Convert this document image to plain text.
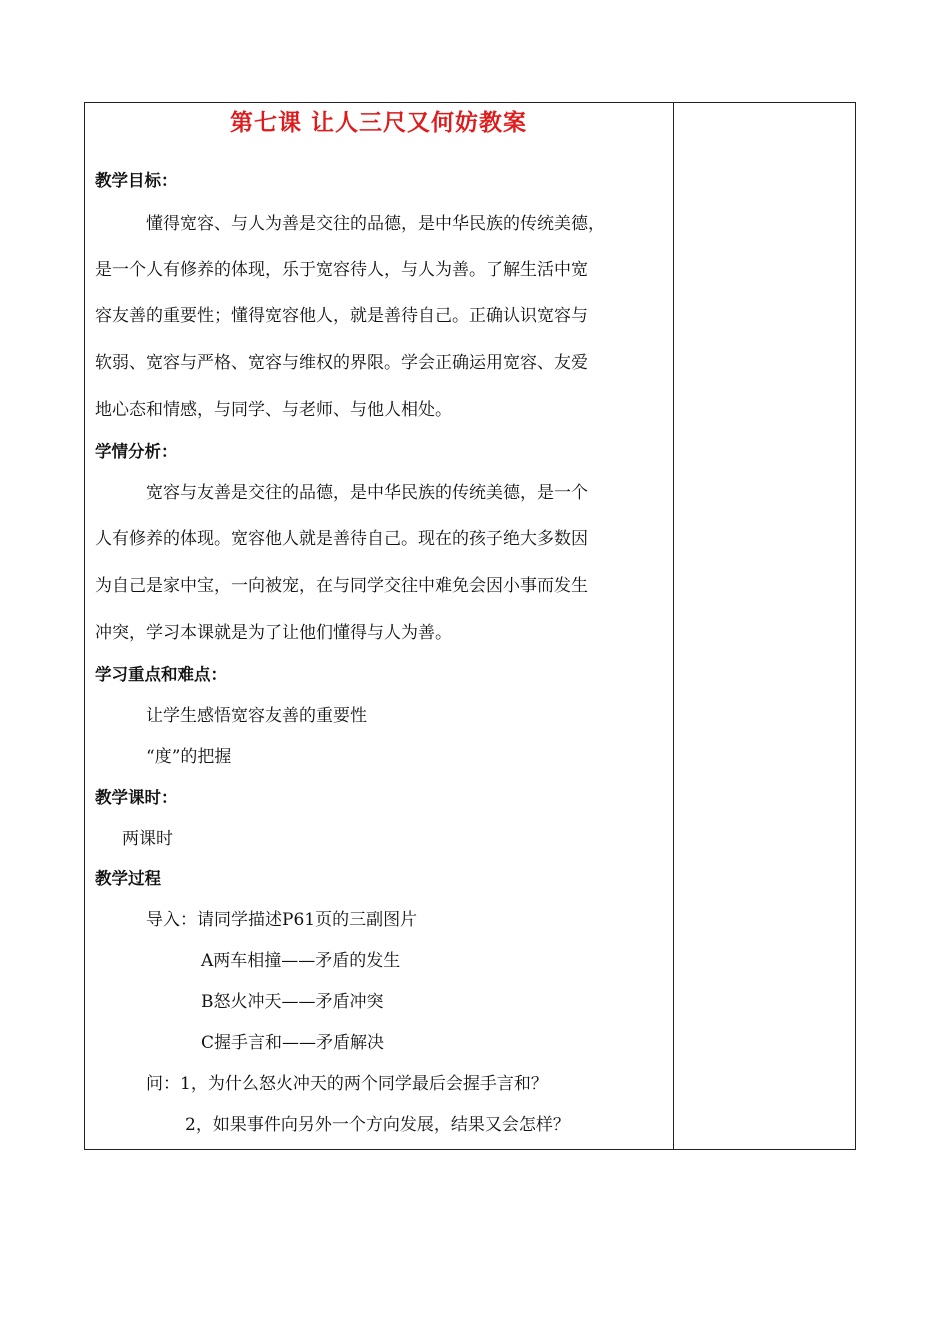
第七课 让人三尺又何妨教案
教学目标：
懂得宽容、与人为善是交往的品德，是中华民族的传统美德，
是一个人有修养的体现，乐于宽容待人，与人为善。了解生活中宽
容友善的重要性；懂得宽容他人，就是善待自己。正确认识宽容与
软弱、宽容与严格、宽容与维权的界限。学会正确运用宽容、友爱
地心态和情感，与同学、与老师、与他人相处。
学情分析：
宽容与友善是交往的品德，是中华民族的传统美德，是一个
人有修养的体现。宽容他人就是善待自己。现在的孩子绝大多数因
为自己是家中宝，一向被宠，在与同学交往中难免会因小事而发生
冲突，学习本课就是为了让他们懂得与人为善。
学习重点和难点：
让学生感悟宽容友善的重要性
“度”的把握
教学课时：
两课时
教学过程
导入：请同学描述P61页的三副图片
A两车相撞——矛盾的发生
B怒火冲天——矛盾冲突
C握手言和——矛盾解决
问：1，为什么怒火冲天的两个同学最后会握手言和？
2，如果事件向另外一个方向发展，结果又会怎样？
